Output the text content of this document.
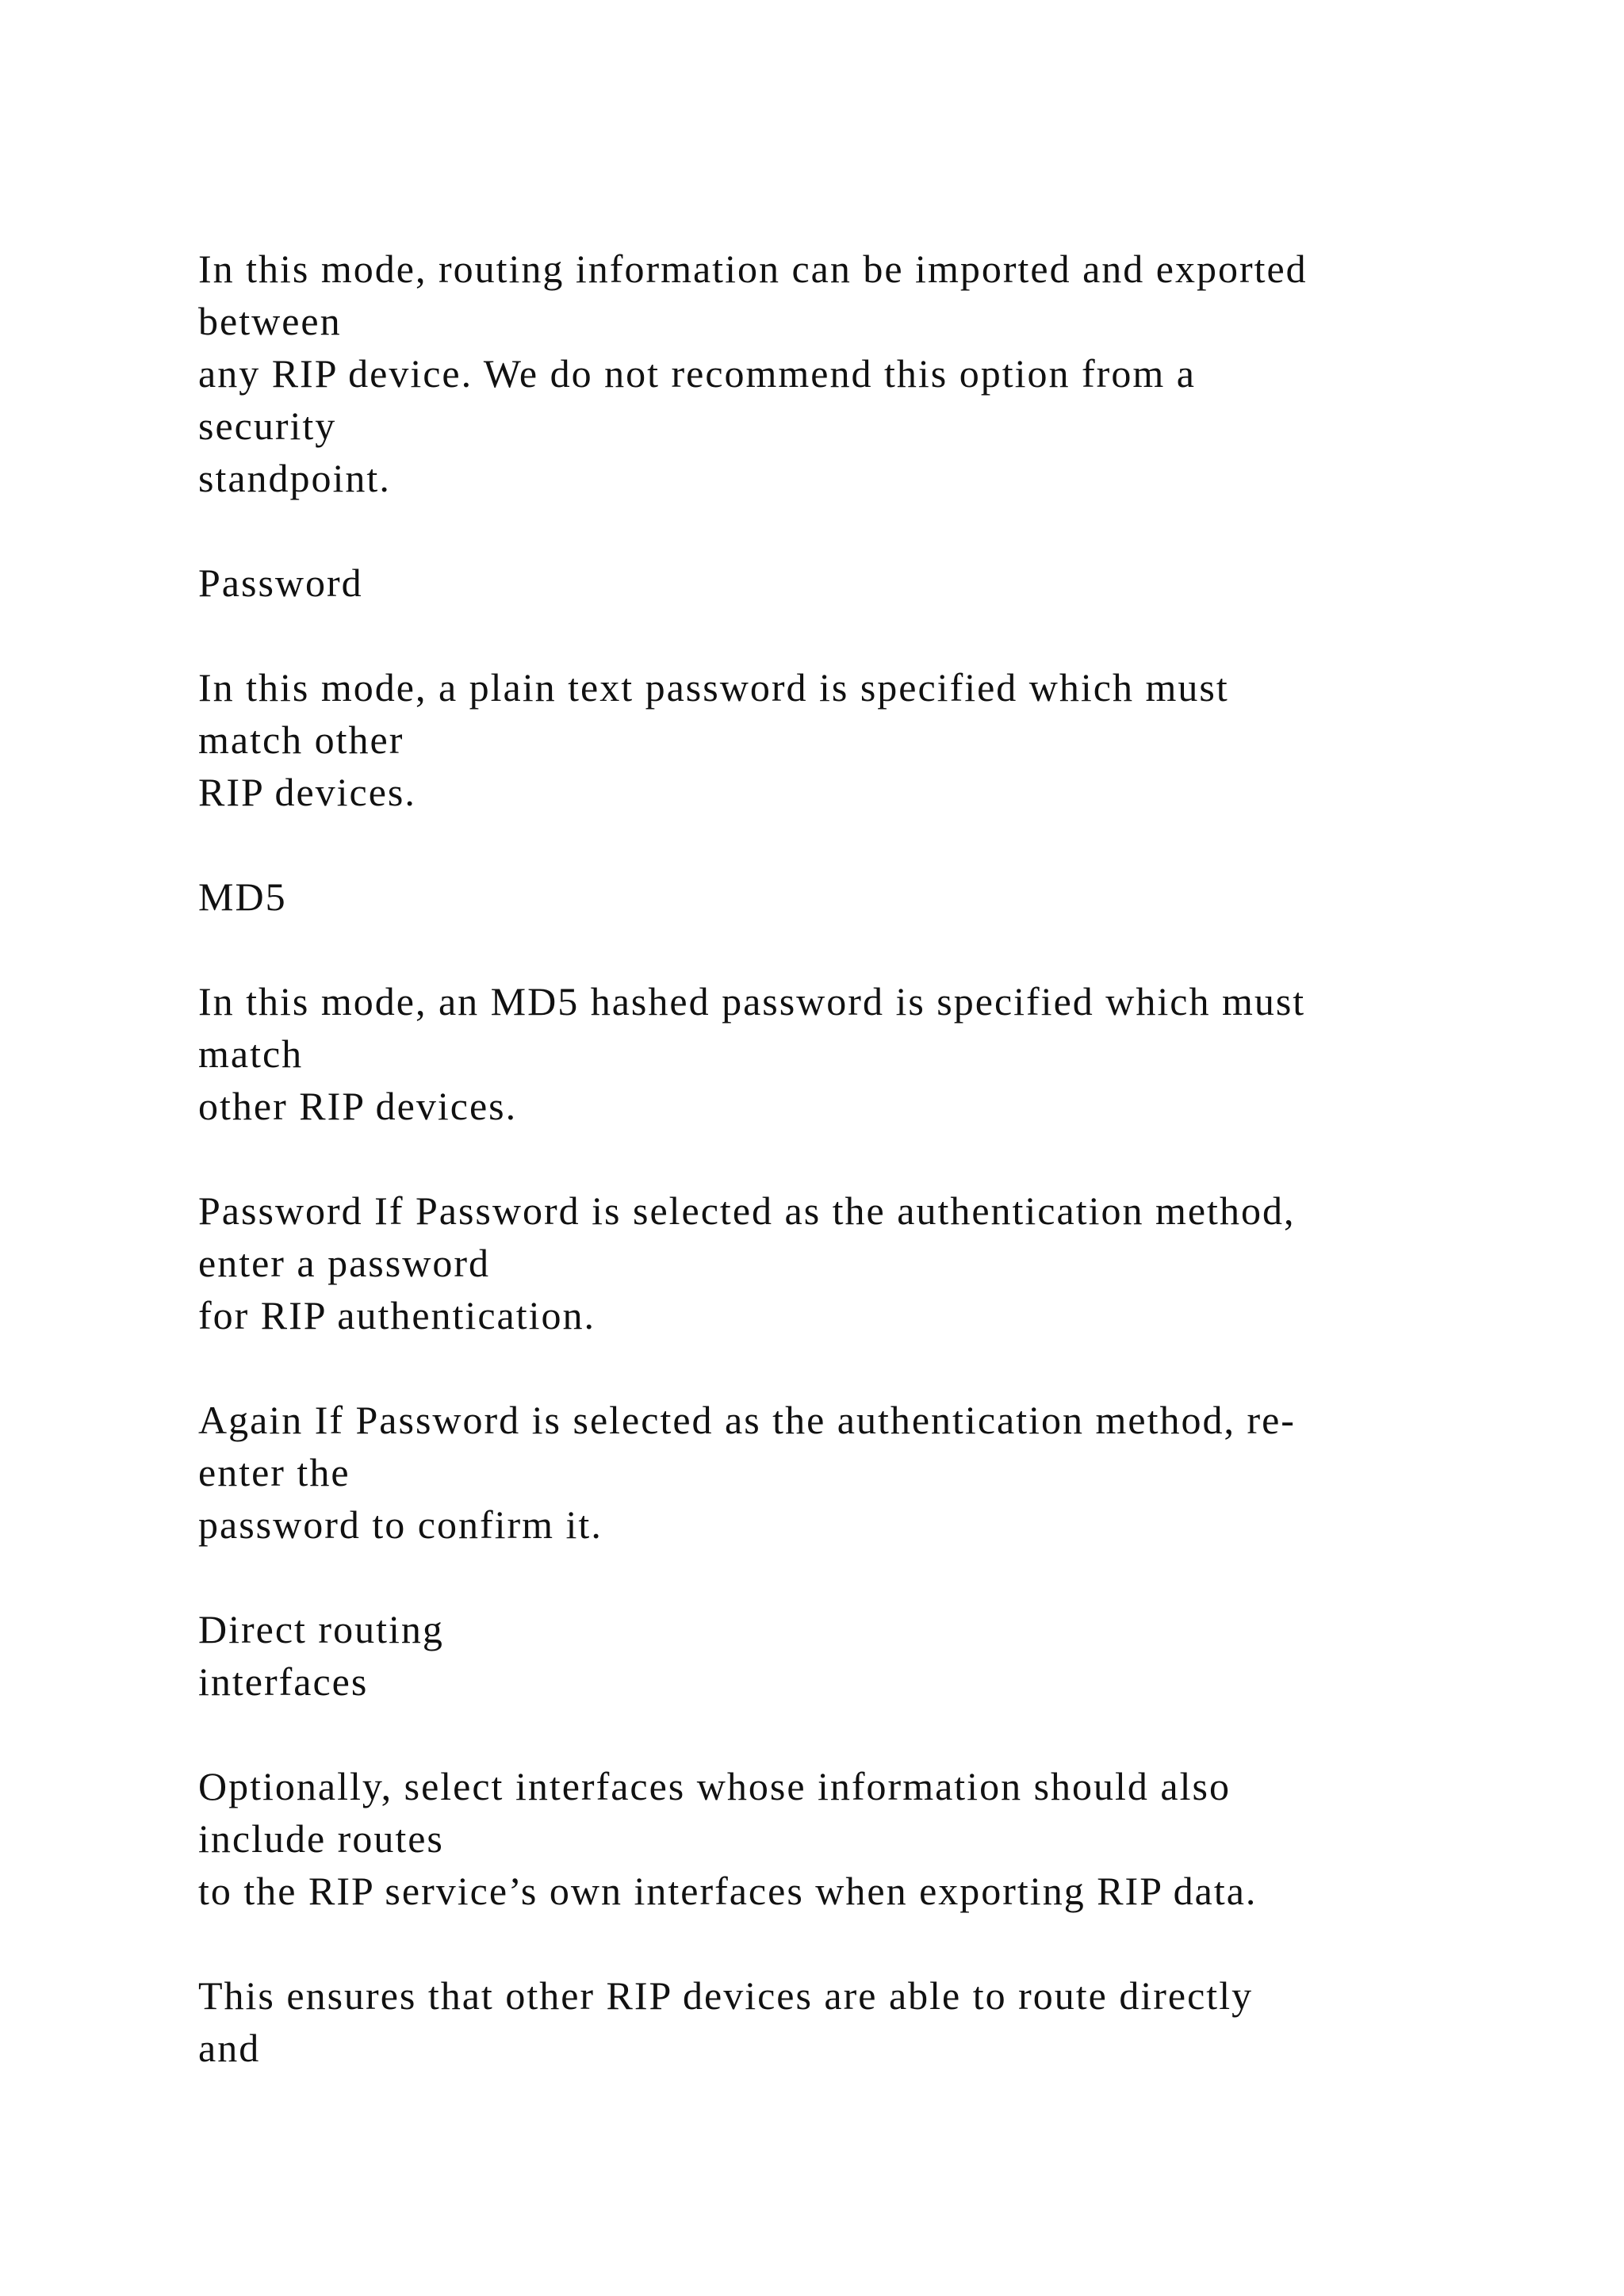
In this mode, routing information can be imported and exported
between
any RIP device. We do not recommend this option from a
security
standpoint.
Password
In this mode, a plain text password is specified which must
match other
RIP devices.
MD5
In this mode, an MD5 hashed password is specified which must
match
other RIP devices.
Password If Password is selected as the authentication method,
enter a password
for RIP authentication.
Again If Password is selected as the authentication method, re-
enter the
password to confirm it.
Direct routing
interfaces
Optionally, select interfaces whose information should also
include routes
to the RIP service’s own interfaces when exporting RIP data.
This ensures that other RIP devices are able to route directly
and
